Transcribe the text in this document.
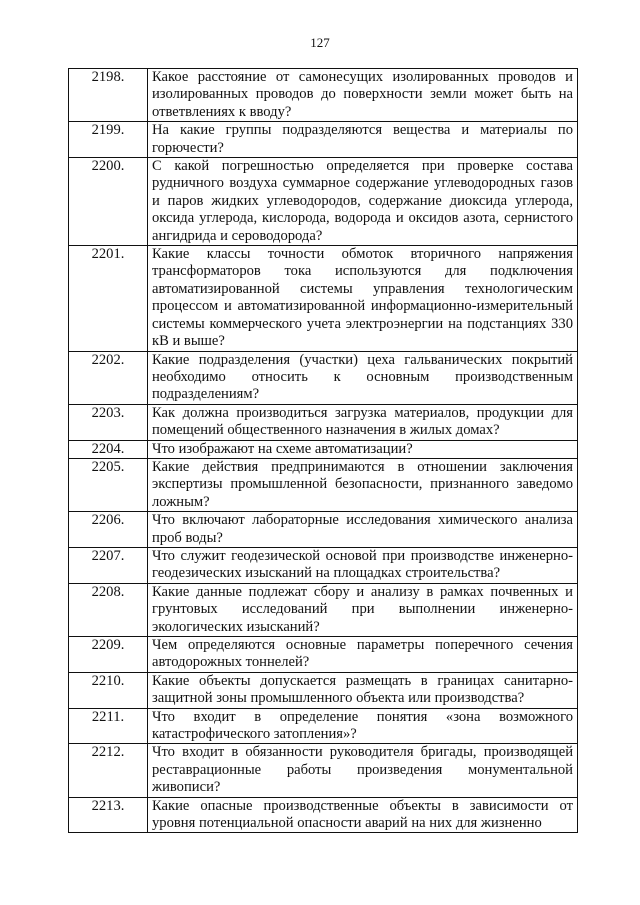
127
2198.	Какое расстояние от самонесущих изолированных проводов и изолированных проводов до поверхности земли может быть на ответвлениях к вводу?
2199.	На какие группы подразделяются вещества и материалы по горючести?
2200.	С какой погрешностью определяется при проверке состава рудничного воздуха суммарное содержание углеводородных газов и паров жидких углеводородов, содержание диоксида углерода, оксида углерода, кислорода, водорода и оксидов азота, сернистого ангидрида и сероводорода?
2201.	Какие классы точности обмоток вторичного напряжения трансформаторов тока используются для подключения автоматизированной системы управления технологическим процессом и автоматизированной информационно-измерительный системы коммерческого учета электроэнергии на подстанциях 330 кВ и выше?
2202.	Какие подразделения (участки) цеха гальванических покрытий необходимо относить к основным производственным подразделениям?
2203.	Как должна производиться загрузка материалов, продукции для помещений общественного назначения в жилых домах?
2204.	Что изображают на схеме автоматизации?
2205.	Какие действия предпринимаются в отношении заключения экспертизы промышленной безопасности, признанного заведомо ложным?
2206.	Что включают лабораторные исследования химического анализа проб воды?
2207.	Что служит геодезической основой при производстве инженерно-геодезических изысканий на площадках строительства?
2208.	Какие данные подлежат сбору и анализу в рамках почвенных и грунтовых исследований при выполнении инженерно-экологических изысканий?
2209.	Чем определяются основные параметры поперечного сечения автодорожных тоннелей?
2210.	Какие объекты допускается размещать в границах санитарно-защитной зоны промышленного объекта или производства?
2211.	Что входит в определение понятия «зона возможного катастрофического затопления»?
2212.	Что входит в обязанности руководителя бригады, производящей реставрационные работы произведения монументальной живописи?
2213.	Какие опасные производственные объекты в зависимости от уровня потенциальной опасности аварий на них для жизненно
